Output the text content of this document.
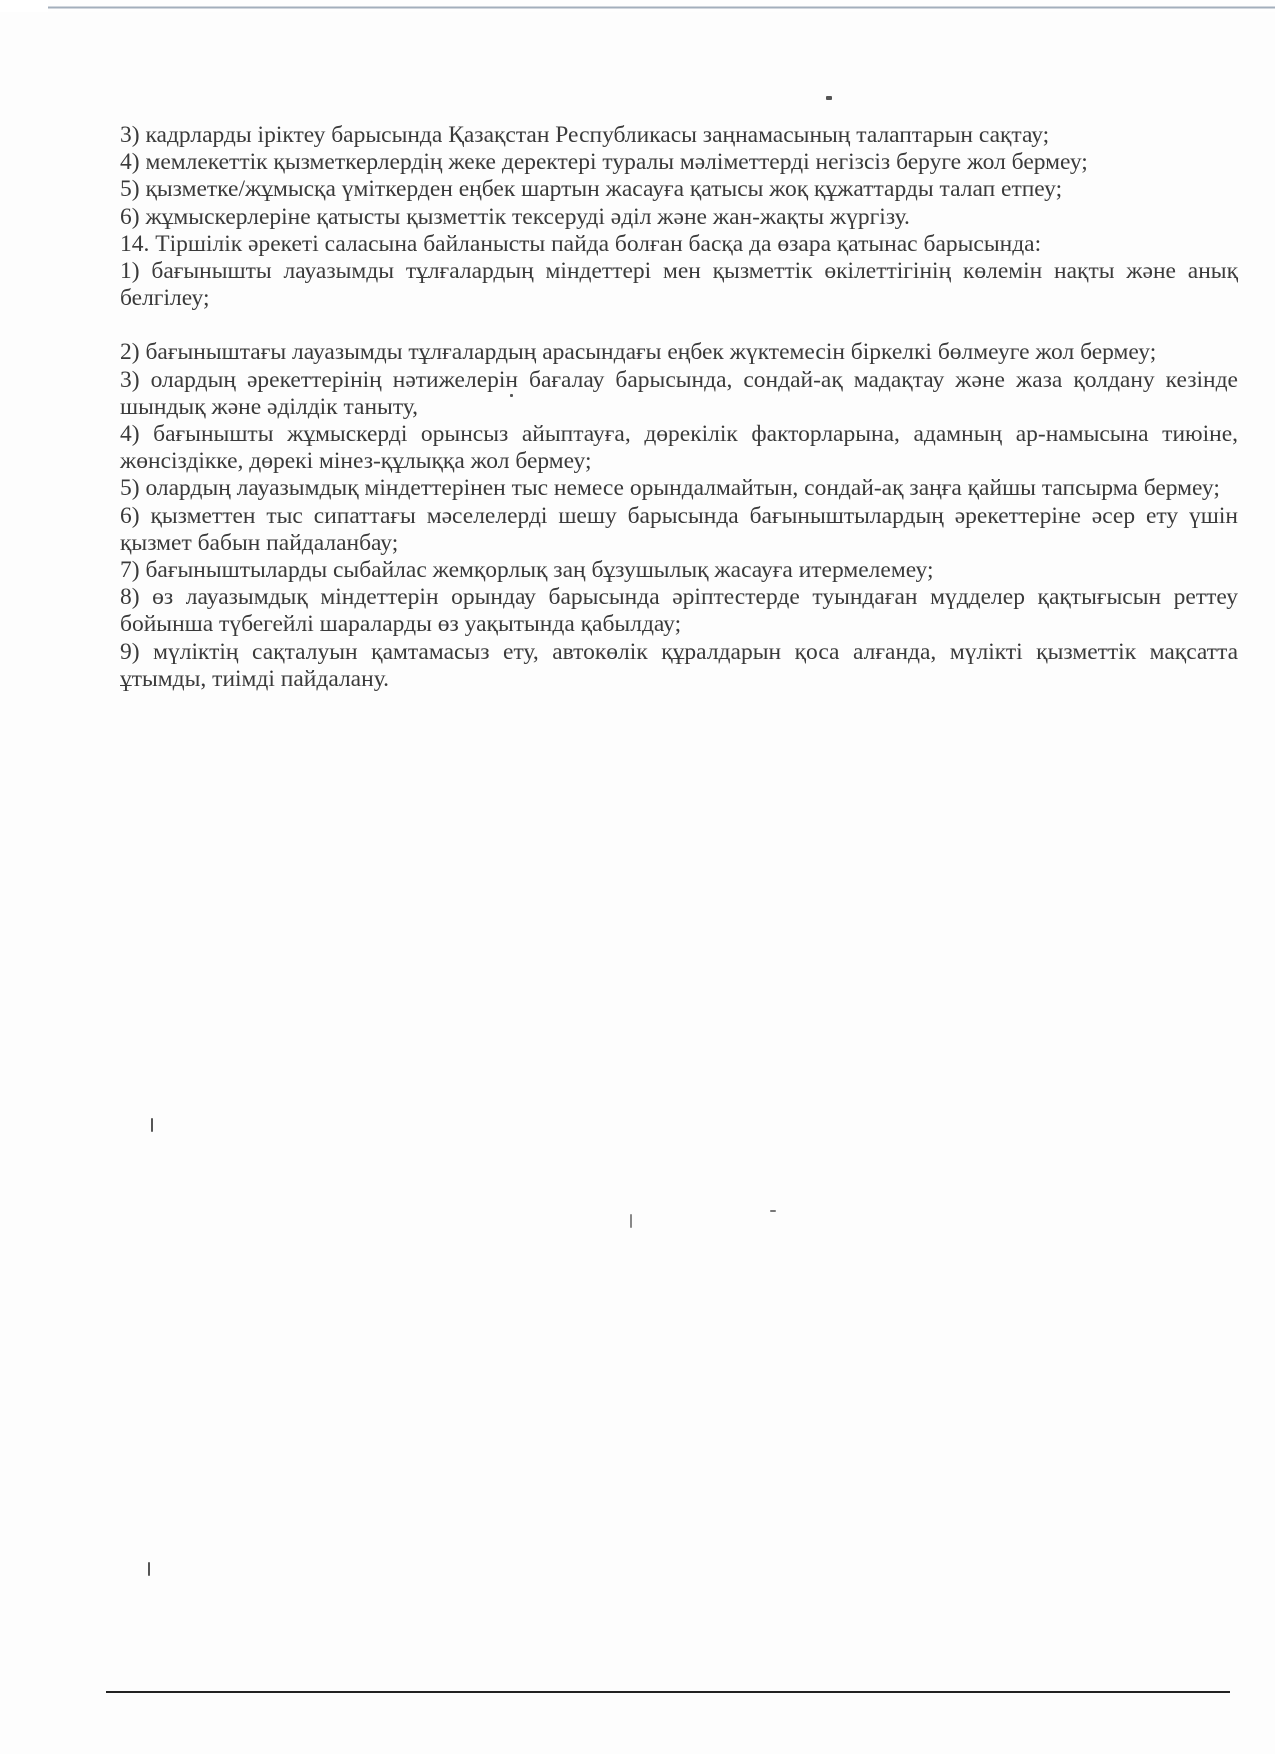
3) кадрларды іріктеу барысында Қазақстан Республикасы заңнамасының талаптарын сақтау;

4) мемлекеттік қызметкерлердің жеке деректері туралы мәліметтерді негізсіз беруге жол бермеу;

5) қызметке/жұмысқа үміткерден еңбек шартын жасауға қатысы жоқ құжаттарды талап етпеу;

6) жұмыскерлеріне қатысты қызметтік тексеруді әділ және жан-жақты жүргізу.

14. Тіршілік әрекеті саласына байланысты пайда болған басқа да өзара қатынас барысында:

1) бағынышты лауазымды тұлғалардың міндеттері мен қызметтік өкілеттігінің көлемін нақты және анық белгілеу;

2) бағыныштағы лауазымды тұлғалардың арасындағы еңбек жүктемесін біркелкі бөлмеуге жол бермеу;

3) олардың әрекеттерінің нәтижелерін бағалау барысында, сондай-ақ мадақтау және жаза қолдану кезінде шындық және әділдік таныту,

4) бағынышты жұмыскерді орынсыз айыптауға, дөрекілік факторларына, адамның ар-намысына тиюіне, жөнсіздікке, дөрекі мінез-құлыққа жол бермеу;

5) олардың лауазымдық міндеттерінен тыс немесе орындалмайтын, сондай-ақ заңға қайшы тапсырма бермеу;

6) қызметтен тыс сипаттағы мәселелерді шешу барысында бағыныштылардың әрекеттеріне әсер ету үшін қызмет бабын пайдаланбау;

7) бағыныштыларды сыбайлас жемқорлық заң бұзушылық жасауға итермелемеу;

8) өз лауазымдық міндеттерін орындау барысында әріптестерде туындаған мүдделер қақтығысын реттеу бойынша түбегейлі шараларды өз уақытында қабылдау;

9) мүліктің сақталуын қамтамасыз ету, автокөлік құралдарын қоса алғанда, мүлікті қызметтік мақсатта ұтымды, тиімді пайдалану.
